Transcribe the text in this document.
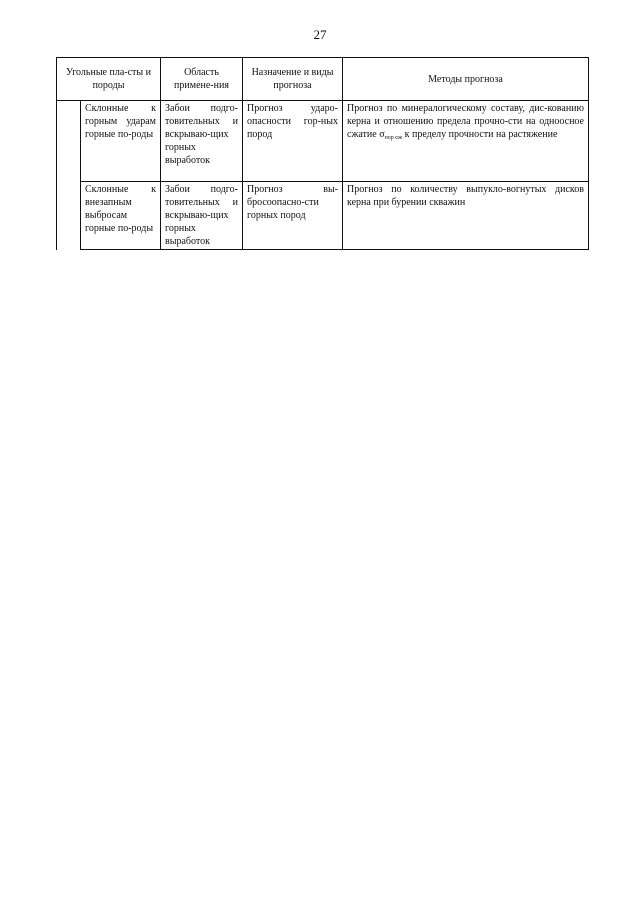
27
Угольные пла-сты и породы		Область примене-ния	Назначение и виды прогноза	Методы прогноза
	Склонные к горным ударам горные по-роды	Забои подго-товительных и вскрываю-щих горных выработок	Прогноз ударо-опасности гор-ных пород	Прогноз по минералогическому составу, дис-кованию керна и отношению предела прочно-сти на одноосное сжатие $\sigma_{пор еж}$ к пределу прочности на растяжение
	Склонные к внезапным выбросам горные по-роды	Забои подго-товительных и вскрываю-щих горных выработок	Прогноз вы-бросоопасно-сти горных пород	Прогноз по количеству выпукло-вогнутых дисков керна при бурении скважин
